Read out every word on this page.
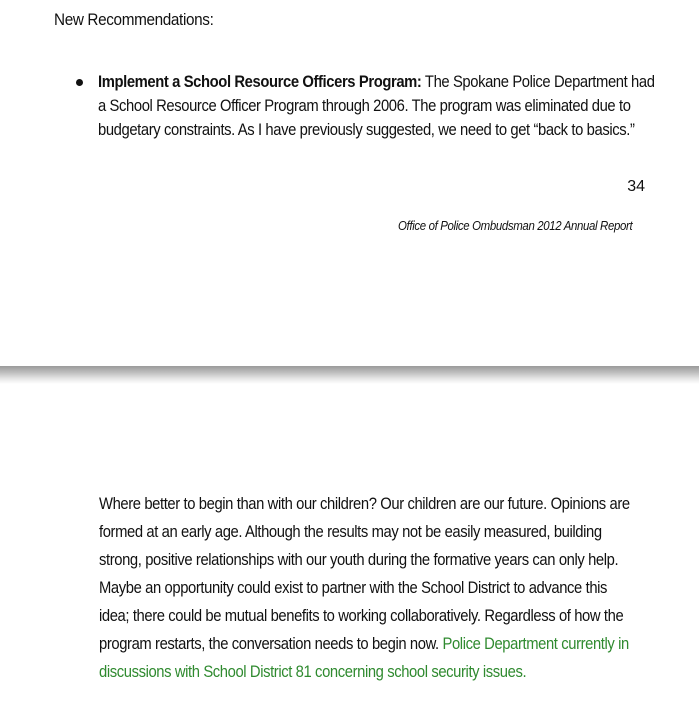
New Recommendations:
Implement a School Resource Officers Program: The Spokane Police Department had a School Resource Officer Program through 2006. The program was eliminated due to budgetary constraints. As I have previously suggested, we need to get “back to basics.”
34
Office of Police Ombudsman 2012 Annual Report
Where better to begin than with our children? Our children are our future. Opinions are formed at an early age. Although the results may not be easily measured, building strong, positive relationships with our youth during the formative years can only help. Maybe an opportunity could exist to partner with the School District to advance this idea; there could be mutual benefits to working collaboratively. Regardless of how the program restarts, the conversation needs to begin now. Police Department currently in discussions with School District 81 concerning school security issues.
